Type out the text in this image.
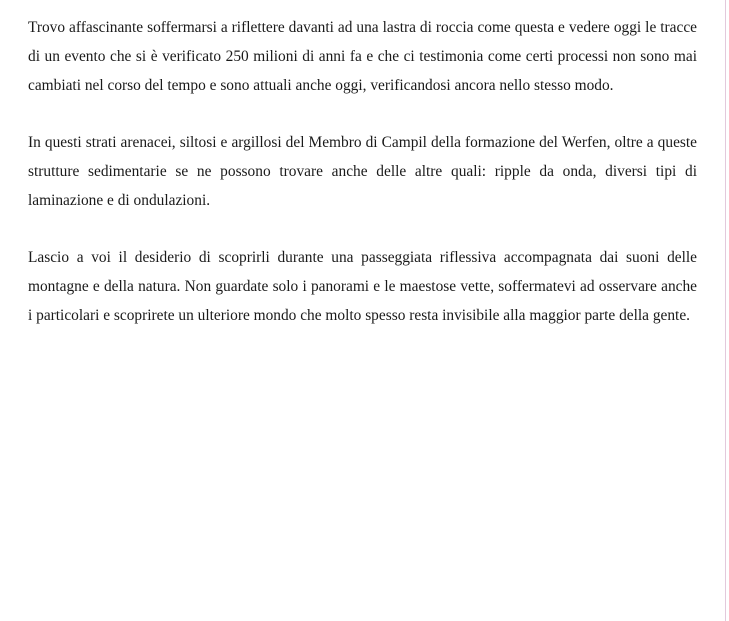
Trovo affascinante soffermarsi a riflettere davanti ad una lastra di roccia come questa e vedere oggi le tracce di un evento che si è verificato 250 milioni di anni fa e che ci testimonia come certi processi non sono mai cambiati nel corso del tempo e sono attuali anche oggi, verificandosi ancora nello stesso modo.

In questi strati arenacei, siltosi e argillosi del Membro di Campil della formazione del Werfen, oltre a queste strutture sedimentarie se ne possono trovare anche delle altre quali: ripple da onda, diversi tipi di laminazione e di ondulazioni.

Lascio a voi il desiderio di scoprirli durante una passeggiata riflessiva accompagnata dai suoni delle montagne e della natura. Non guardate solo i panorami e le maestose vette, soffermatevi ad osservare anche i particolari e scoprirete un ulteriore mondo che molto spesso resta invisibile alla maggior parte della gente.
